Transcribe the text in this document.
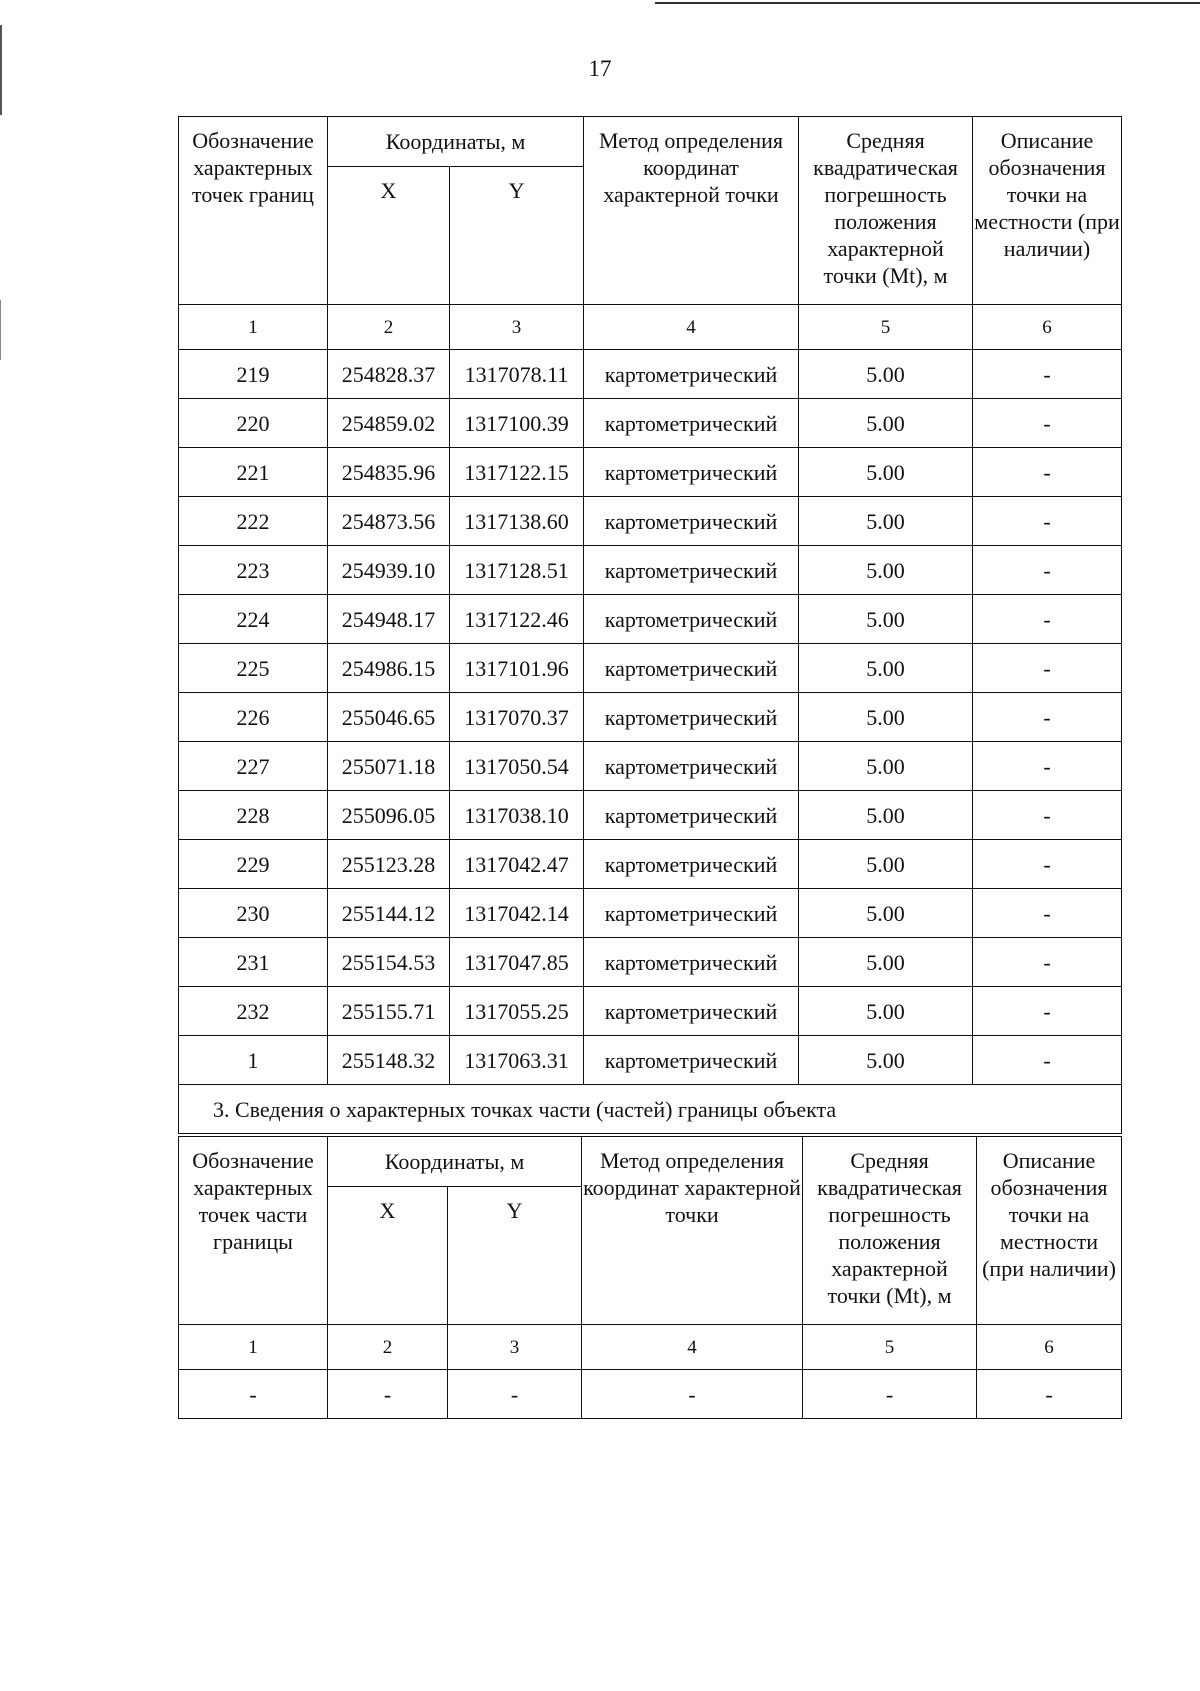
17
Обозначение характерных точек границ	Координаты, м		Метод определения координат характерной точки	Средняя квадратическая погрешность положения характерной точки (Mt), м	Описание обозначения точки на местности (при наличии)
	X	Y			
1	2	3	4	5	6
219	254828.37	1317078.11	картометрический	5.00	-
220	254859.02	1317100.39	картометрический	5.00	-
221	254835.96	1317122.15	картометрический	5.00	-
222	254873.56	1317138.60	картометрический	5.00	-
223	254939.10	1317128.51	картометрический	5.00	-
224	254948.17	1317122.46	картометрический	5.00	-
225	254986.15	1317101.96	картометрический	5.00	-
226	255046.65	1317070.37	картометрический	5.00	-
227	255071.18	1317050.54	картометрический	5.00	-
228	255096.05	1317038.10	картометрический	5.00	-
229	255123.28	1317042.47	картометрический	5.00	-
230	255144.12	1317042.14	картометрический	5.00	-
231	255154.53	1317047.85	картометрический	5.00	-
232	255155.71	1317055.25	картометрический	5.00	-
1	255148.32	1317063.31	картометрический	5.00	-
3. Сведения о характерных точках части (частей) границы объекта					
Обозначение характерных точек части границы	Координаты, м		Метод определения координат характерной точки	Средняя квадратическая погрешность положения характерной точки (Mt), м	Описание обозначения точки на местности (при наличии)
	X	Y			
1	2	3	4	5	6
-	-	-	-	-	-
